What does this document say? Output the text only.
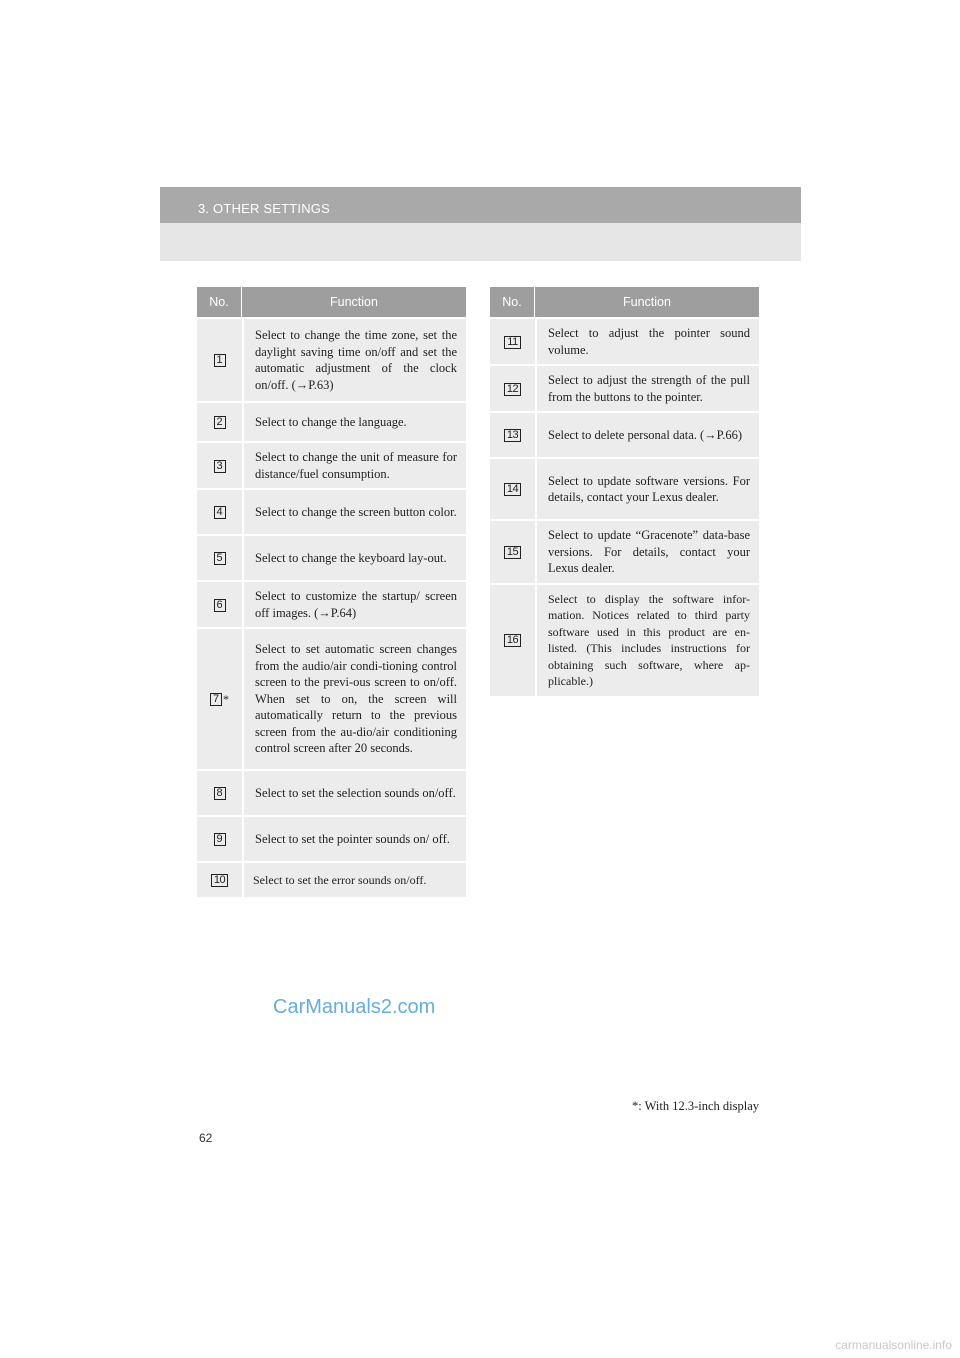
3. OTHER SETTINGS
No.	Function
1	Select to change the time zone, set the daylight saving time on/off and set the automatic adjustment of the clock on/off. (→P.63)
2	Select to change the language.
3	Select to change the unit of measure for distance/fuel consumption.
4	Select to change the screen button color.
5	Select to change the keyboard lay-out.
6	Select to customize the startup/ screen off images. (→P.64)
7 *	Select to set automatic screen changes from the audio/air condi-tioning control screen to the previ-ous screen to on/off. When set to on, the screen will automatically return to the previous screen from the au-dio/air conditioning control screen after 20 seconds.
8	Select to set the selection sounds on/off.
9	Select to set the pointer sounds on/ off.
10	Select to set the error sounds on/off.
No.	Function
11	Select to adjust the pointer sound volume.
12	Select to adjust the strength of the pull from the buttons to the pointer.
13	Select to delete personal data. (→P.66)
14	Select to update software versions. For details, contact your Lexus dealer.
15	Select to update “Gracenote” data-base versions. For details, contact your Lexus dealer.
16	Select to display the software infor-mation. Notices related to third party software used in this product are en-listed. (This includes instructions for obtaining such software, where ap-plicable.)
CarManuals2.com
*: With 12.3-inch display
62
carmanualsonline.info
